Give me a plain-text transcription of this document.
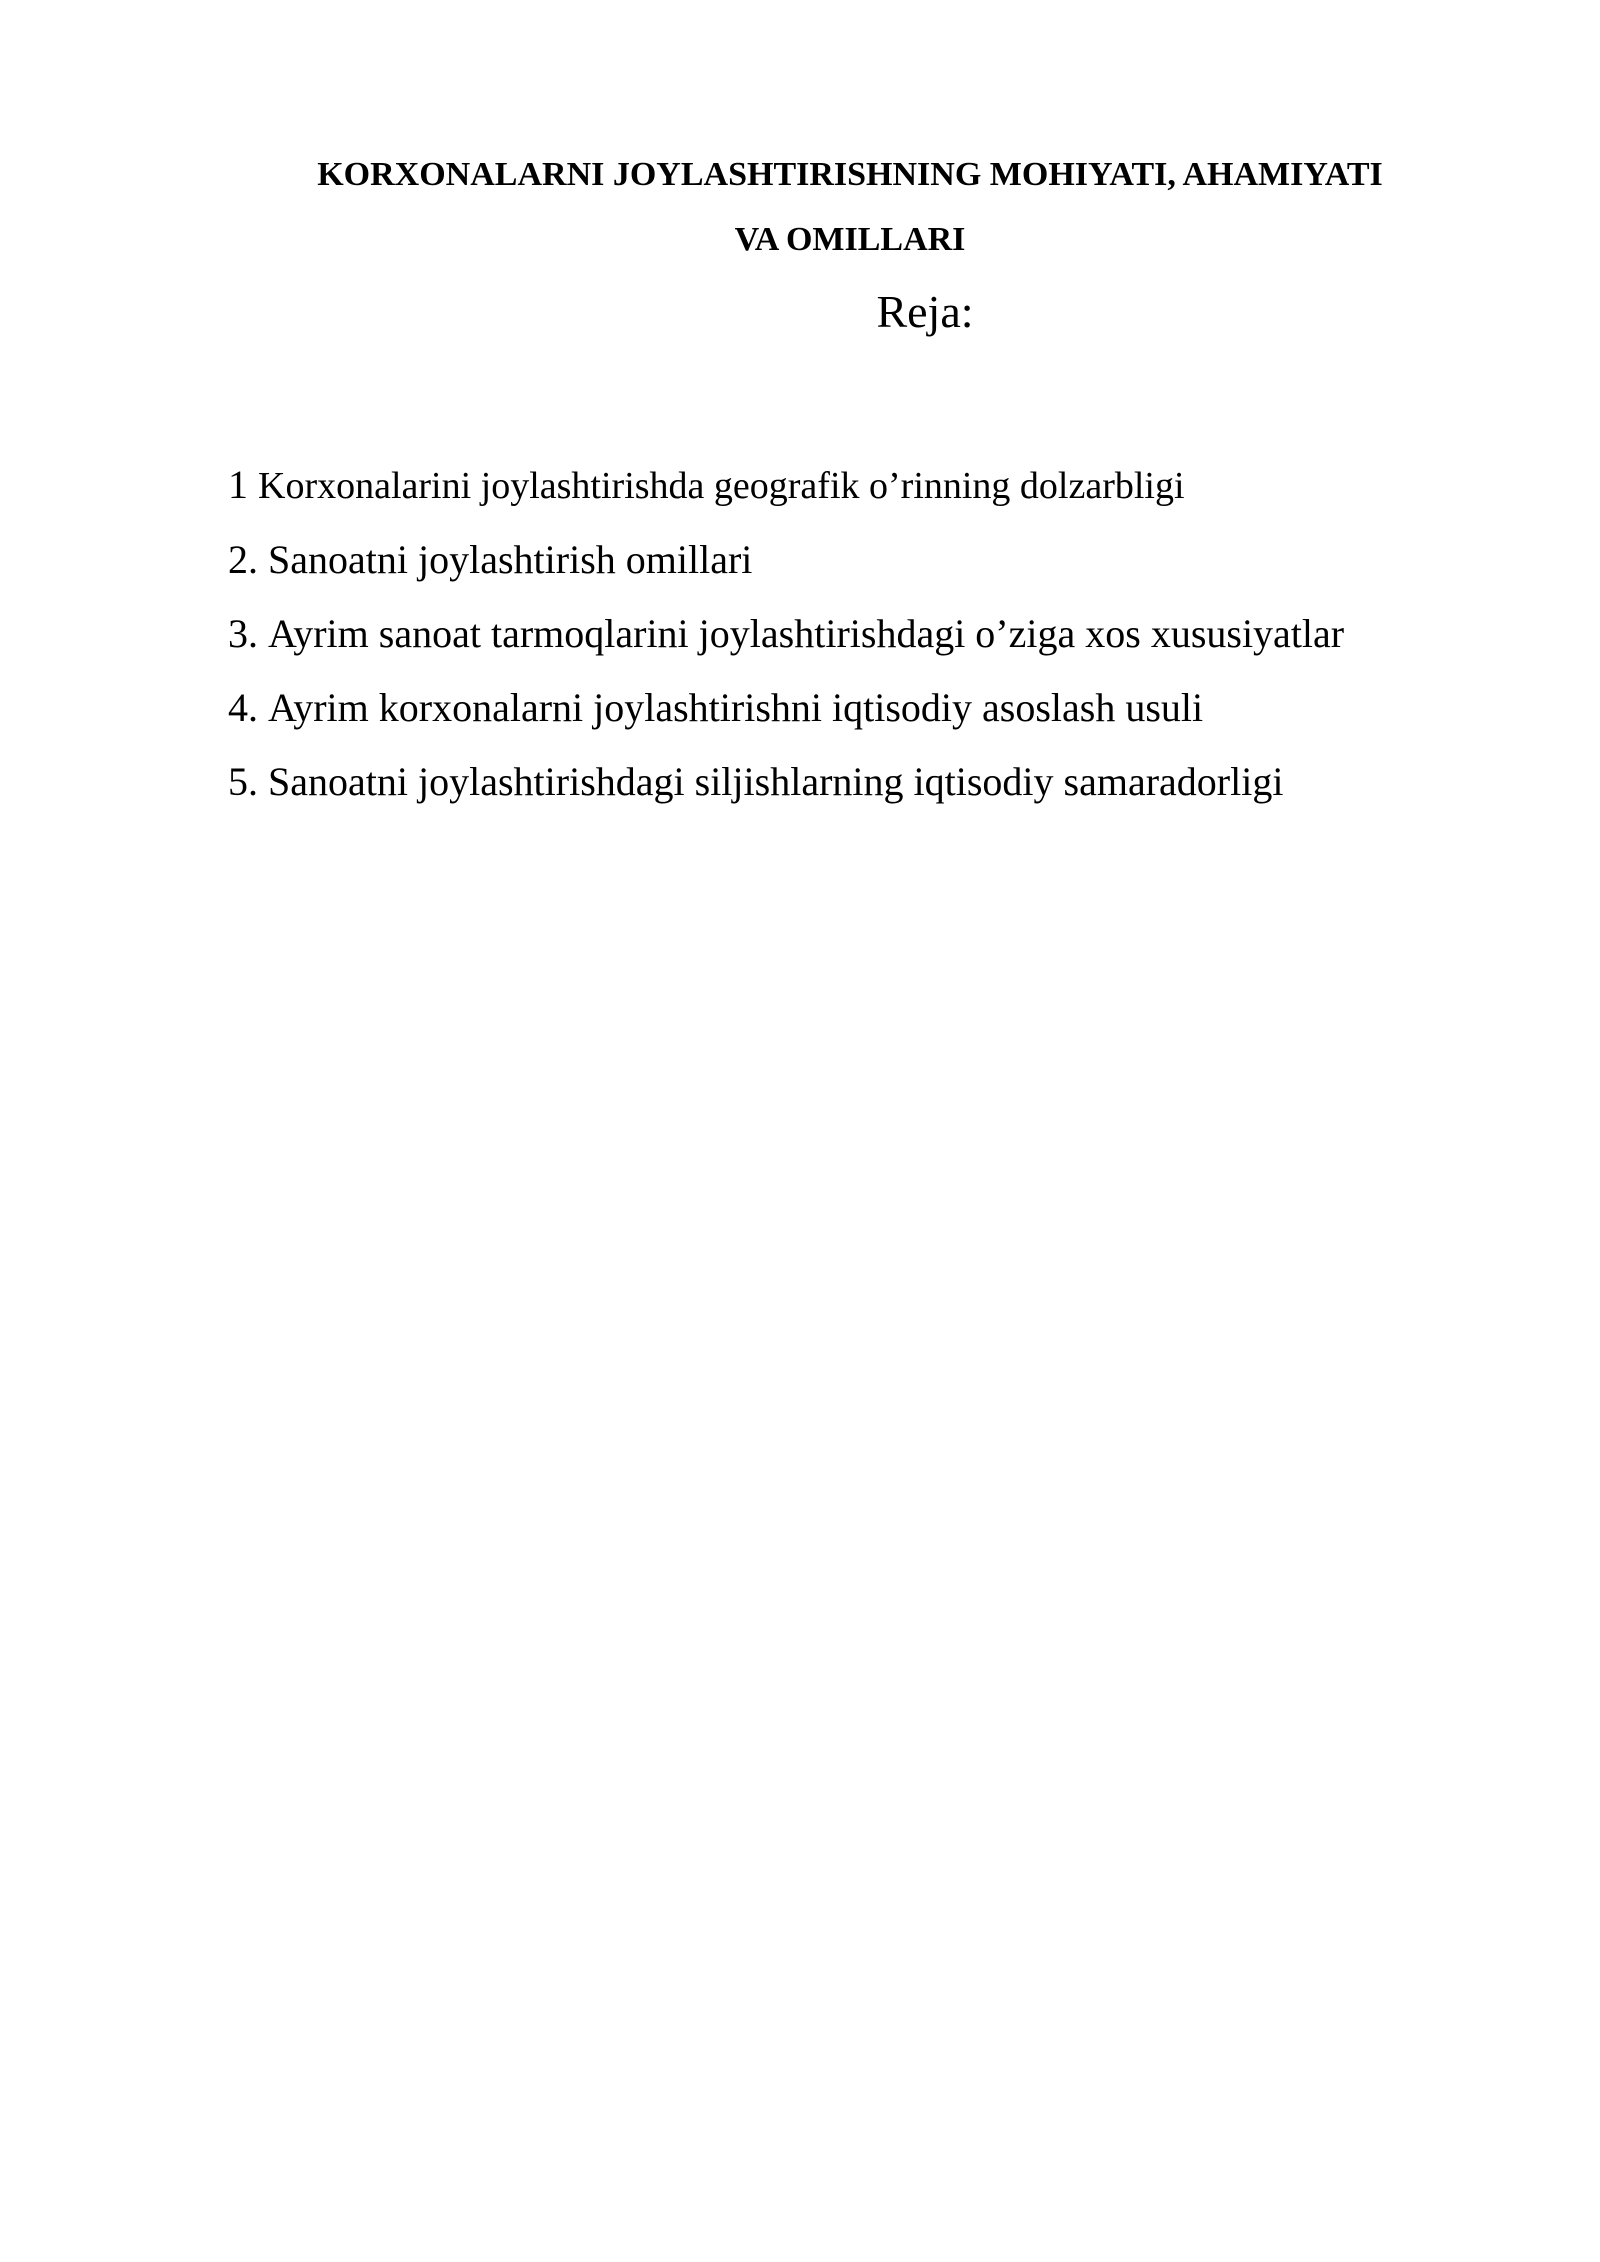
KORXONALARNI JOYLASHTIRISHNING MOHIYATI, AHAMIYATI
VA OMILLARI
Reja:
1 Korxonalarini joylashtirishda geografik o’rinning dolzarbligi
2. Sanoatni joylashtirish omillari
3. Ayrim sanoat tarmoqlarini joylashtirishdagi o’ziga xos xususiyatlar
4. Ayrim korxonalarni joylashtirishni iqtisodiy asoslash usuli
5. Sanoatni joylashtirishdagi siljishlarning iqtisodiy samaradorligi
